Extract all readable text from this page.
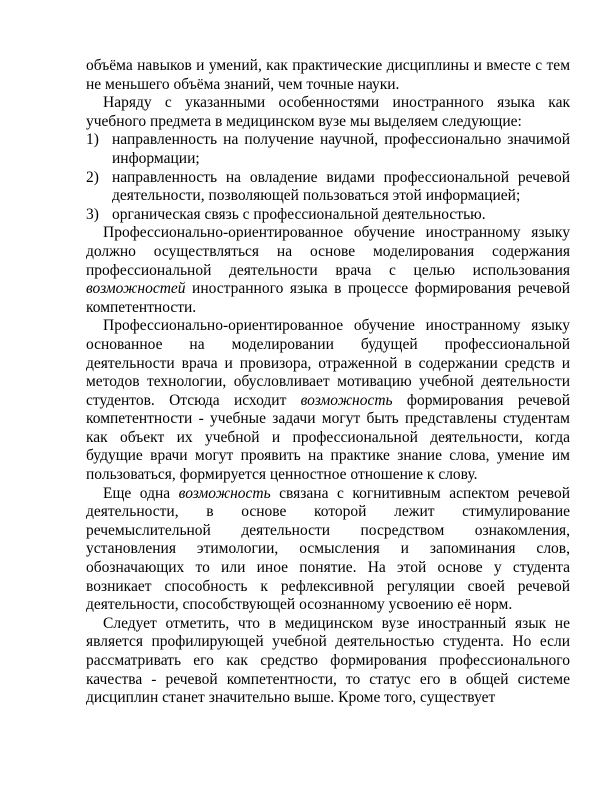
объёма навыков и умений, как практические дисциплины и вместе с тем не меньшего объёма знаний, чем точные науки.

Наряду с указанными особенностями иностранного языка как учебного предмета в медицинском вузе мы выделяем следующие:

1) направленность на получение научной, профессионально значимой информации;
2) направленность на овладение видами профессиональной речевой деятельности, позволяющей пользоваться этой информацией;
3) органическая связь с профессиональной деятельностью.

Профессионально-ориентированное обучение иностранному языку должно осуществляться на основе моделирования содержания профессиональной деятельности врача с целью использования возможностей иностранного языка в процессе формирования речевой компетентности.

Профессионально-ориентированное обучение иностранному языку основанное на моделировании будущей профессиональной деятельности врача и провизора, отраженной в содержании средств и методов технологии, обусловливает мотивацию учебной деятельности студентов. Отсюда исходит возможность формирования речевой компетентности - учебные задачи могут быть представлены студентам как объект их учебной и профессиональной деятельности, когда будущие врачи могут проявить на практике знание слова, умение им пользоваться, формируется ценностное отношение к слову.

Еще одна возможность связана с когнитивным аспектом речевой деятельности, в основе которой лежит стимулирование речемыслительной деятельности посредством ознакомления, установления этимологии, осмысления и запоминания слов, обозначающих то или иное понятие. На этой основе у студента возникает способность к рефлексивной регуляции своей речевой деятельности, способствующей осознанному усвоению её норм.

Следует отметить, что в медицинском вузе иностранный язык не является профилирующей учебной деятельностью студента. Но если рассматривать его как средство формирования профессионального качества - речевой компетентности, то статус его в общей системе дисциплин станет значительно выше. Кроме того, существует
